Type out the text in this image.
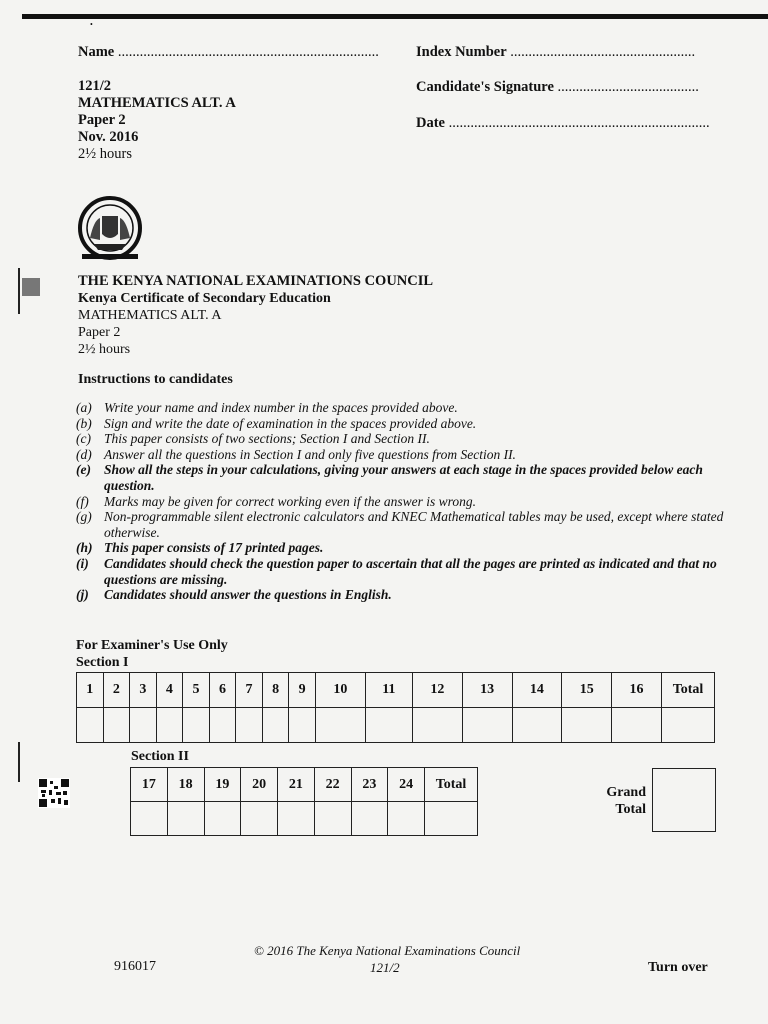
•
Name ........................................................................	Index Number ...................................................
121/2
MATHEMATICS ALT. A
Paper 2
Nov. 2016
2½ hours
Candidate's Signature .......................................
Date ........................................................................
THE KENYA NATIONAL EXAMINATIONS COUNCIL
Kenya Certificate of Secondary Education
MATHEMATICS ALT. A
Paper 2
2½ hours
Instructions to candidates
(a) Write your name and index number in the spaces provided above.
(b) Sign and write the date of examination in the spaces provided above.
(c) This paper consists of two sections; Section I and Section II.
(d) Answer all the questions in Section I and only five questions from Section II.
(e) Show all the steps in your calculations, giving your answers at each stage in the spaces provided below each question.
(f)	Marks may be given for correct working even if the answer is wrong.
(g) Non-programmable silent electronic calculators and KNEC Mathematical tables may be used, except where stated otherwise.
(h) This paper consists of 17 printed pages.
(i)	Candidates should check the question paper to ascertain that all the pages are printed as indicated and that no questions are missing.
(j)	Candidates should answer the questions in English.
For Examiner's Use Only
Section I
1	2	3	4	5	6	7	8	9	10	11	12	13	14	15	16	Total

Section II
17	18	19	20	21	22	23	24	Total

Grand
Total
© 2016 The Kenya National Examinations Council
121/2
916017	Turn over
